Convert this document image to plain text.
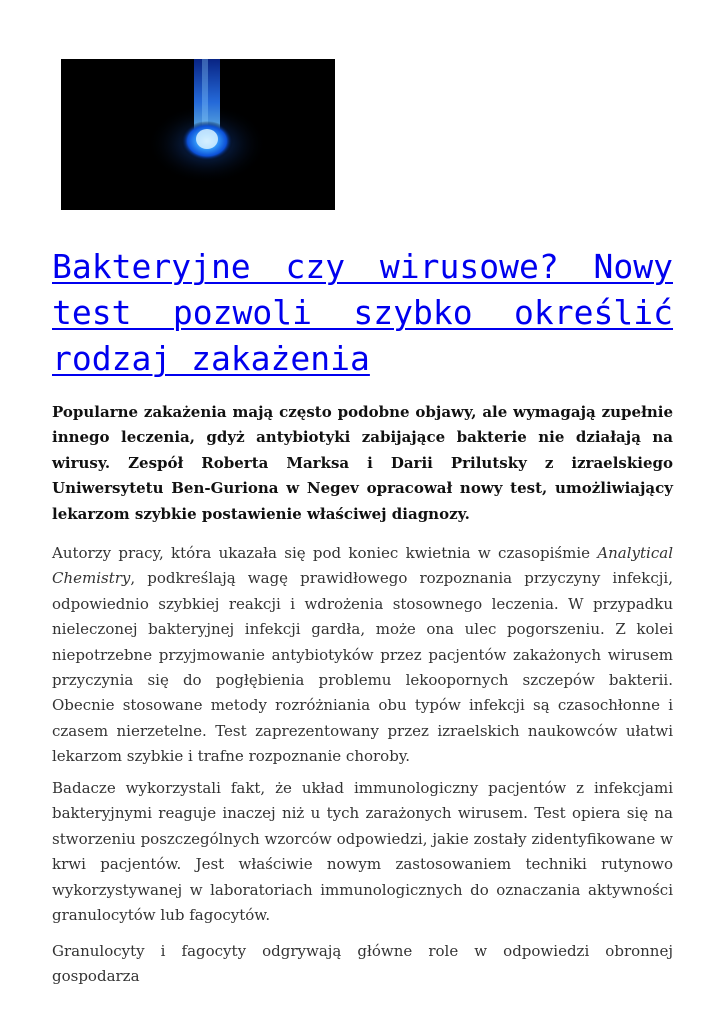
Bakteryjne czy wirusowe? Nowy test pozwoli szybko określić rodzaj zakażenia

Popularne zakażenia mają często podobne objawy, ale wymagają zupełnie innego leczenia, gdyż antybiotyki zabijające bakterie nie działają na wirusy. Zespół Roberta Marksa i Darii Prilutsky z izraelskiego Uniwersytetu Ben-Guriona w Negev opracował nowy test, umożliwiający lekarzom szybkie postawienie właściwej diagnozy.

Autorzy pracy, która ukazała się pod koniec kwietnia w czasopiśmie Analytical Chemistry, podkreślają wagę prawidłowego rozpoznania przyczyny infekcji, odpowiednio szybkiej reakcji i wdrożenia stosownego leczenia. W przypadku nieleczonej bakteryjnej infekcji gardła, może ona ulec pogorszeniu. Z kolei niepotrzebne przyjmowanie antybiotyków przez pacjentów zakażonych wirusem przyczynia się do pogłębienia problemu lekoopornych szczepów bakterii. Obecnie stosowane metody rozróżniania obu typów infekcji są czasochłonne i czasem nierzetelne. Test zaprezentowany przez izraelskich naukowców ułatwi lekarzom szybkie i trafne rozpoznanie choroby.

Badacze wykorzystali fakt, że układ immunologiczny pacjentów z infekcjami bakteryjnymi reaguje inaczej niż u tych zarażonych wirusem. Test opiera się na stworzeniu poszczególnych wzorców odpowiedzi, jakie zostały zidentyfikowane w krwi pacjentów. Jest właściwie nowym zastosowaniem techniki rutynowo wykorzystywanej w laboratoriach immunologicznych do oznaczania aktywności granulocytów lub fagocytów.

Granulocyty i fagocyty odgrywają główne role w odpowiedzi obronnej gospodarza
